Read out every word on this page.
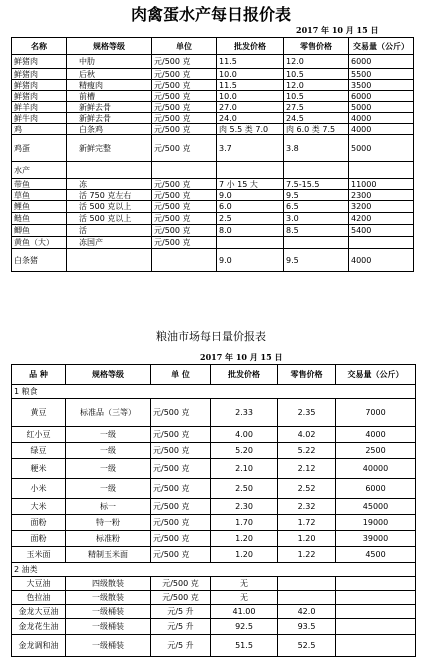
肉禽蛋水产每日报价表
2017 年 10 月 15 日
名称	规格等级	单位	批发价格	零售价格	交易量（公斤）
鲜猪肉	中肋	元/500 克	11.5	12.0	6000
鲜猪肉	后秋	元/500 克	10.0	10.5	5500
鲜猪肉	精瘦肉	元/500 克	11.5	12.0	3500
鲜猪肉	前槽	元/500 克	10.0	10.5	6000
鲜羊肉	新鲜去骨	元/500 克	27.0	27.5	5000
鲜牛肉	新鲜去骨	元/500 克	24.0	24.5	4000
鸡	白条鸡	元/500 克	肉 5.5 类 7.0	肉 6.0 类 7.5	4000
鸡蛋	新鲜完整	元/500 克	3.7	3.8	5000
水产					
带鱼	冻	元/500 克	7 小 15 大	7.5-15.5	11000
草鱼	活 750 克左右	元/500 克	9.0	9.5	2300
鲤鱼	活 500 克以上	元/500 克	6.0	6.5	3200
鲢鱼	活 500 克以上	元/500 克	2.5	3.0	4200
鲫鱼	活	元/500 克	8.0	8.5	5400
黄鱼（大）	冻国产	元/500 克			
白条猪			9.0	9.5	4000
粮油市场每日量价报表
2017 年 10 月 15 日
品 种	规格等级	单 位	批发价格	零售价格	交易量（公斤）
1 粮食					
黄豆	标准品（三等）	元/500 克	2.33	2.35	7000
红小豆	一级	元/500 克	4.00	4.02	4000
绿豆	一级	元/500 克	5.20	5.22	2500
粳米	一级	元/500 克	2.10	2.12	40000
小米	一级	元/500 克	2.50	2.52	6000
大米	标一	元/500 克	2.30	2.32	45000
面粉	特一粉	元/500 克	1.70	1.72	19000
面粉	标准粉	元/500 克	1.20	1.20	39000
玉米面	精制玉米面	元/500 克	1.20	1.22	4500
2 油类					
大豆油	四级散装	元/500 克	无		
色拉油	一级散装	元/500 克	无		
金龙大豆油	一级桶装	元/5 升	41.00	42.0	
金龙花生油	一级桶装	元/5 升	92.5	93.5	
金龙调和油	一级桶装	元/5 升	51.5	52.5	
